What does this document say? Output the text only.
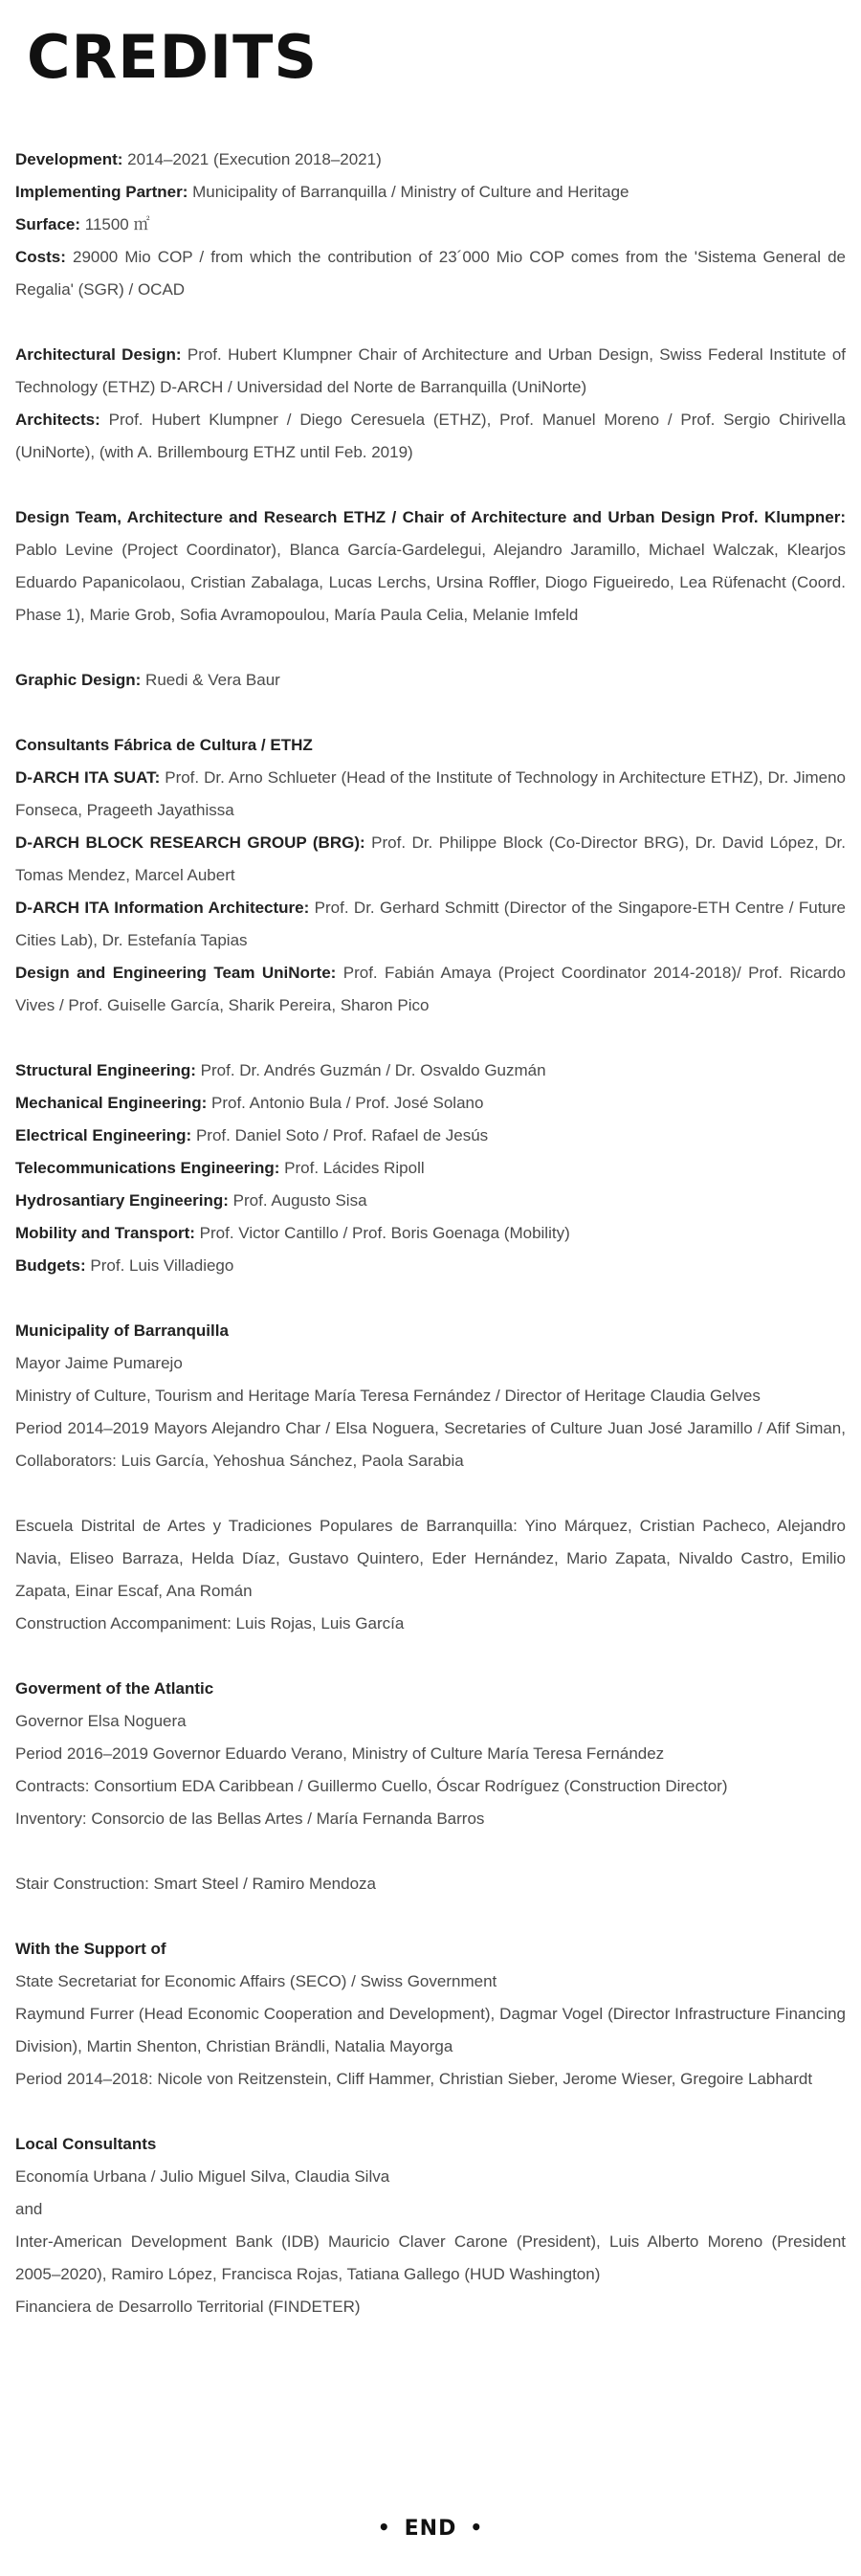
CREDITS

Development: 2014–2021 (Execution 2018–2021)

Implementing Partner: Municipality of Barranquilla / Ministry of Culture and Heritage

Surface: 11500 ㎡

Costs: 29000 Mio COP / from which the contribution of 23´000 Mio COP comes from the 'Sistema General de Regalia' (SGR) / OCAD

Architectural Design: Prof. Hubert Klumpner Chair of Architecture and Urban Design, Swiss Federal Institute of Technology (ETHZ) D-ARCH / Universidad del Norte de Barranquilla (UniNorte)

Architects: Prof. Hubert Klumpner / Diego Ceresuela (ETHZ), Prof. Manuel Moreno / Prof. Sergio Chirivella (UniNorte), (with A. Brillembourg ETHZ until Feb. 2019)

Design Team, Architecture and Research ETHZ / Chair of Architecture and Urban Design Prof. Klumpner: Pablo Levine (Project Coordinator), Blanca García-Gardelegui, Alejandro Jaramillo, Michael Walczak, Klearjos Eduardo Papanicolaou, Cristian Zabalaga, Lucas Lerchs, Ursina Roffler, Diogo Figueiredo, Lea Rüfenacht (Coord. Phase 1), Marie Grob, Sofia Avramopoulou, María Paula Celia, Melanie Imfeld

Graphic Design: Ruedi & Vera Baur

Consultants Fábrica de Cultura / ETHZ

D-ARCH ITA SUAT: Prof. Dr. Arno Schlueter (Head of the Institute of Technology in Architecture ETHZ), Dr. Jimeno Fonseca, Prageeth Jayathissa

D-ARCH BLOCK RESEARCH GROUP (BRG): Prof. Dr. Philippe Block (Co-Director BRG), Dr. David López, Dr. Tomas Mendez, Marcel Aubert

D-ARCH ITA Information Architecture: Prof. Dr. Gerhard Schmitt (Director of the Singapore-ETH Centre / Future Cities Lab), Dr. Estefanía Tapias

Design and Engineering Team UniNorte: Prof. Fabián Amaya (Project Coordinator 2014-2018)/ Prof. Ricardo Vives / Prof. Guiselle García, Sharik Pereira, Sharon Pico

Structural Engineering: Prof. Dr. Andrés Guzmán / Dr. Osvaldo Guzmán

Mechanical Engineering: Prof. Antonio Bula / Prof. José Solano

Electrical Engineering: Prof. Daniel Soto / Prof. Rafael de Jesús

Telecommunications Engineering: Prof. Lácides Ripoll

Hydrosantiary Engineering: Prof. Augusto Sisa

Mobility and Transport: Prof. Victor Cantillo / Prof. Boris Goenaga (Mobility)

Budgets: Prof. Luis Villadiego

Municipality of Barranquilla

Mayor Jaime Pumarejo

Ministry of Culture, Tourism and Heritage María Teresa Fernández / Director of Heritage Claudia Gelves

Period 2014–2019 Mayors Alejandro Char / Elsa Noguera, Secretaries of Culture Juan José Jaramillo / Afif Siman, Collaborators: Luis García, Yehoshua Sánchez, Paola Sarabia

Escuela Distrital de Artes y Tradiciones Populares de Barranquilla: Yino Márquez, Cristian Pacheco, Alejandro Navia, Eliseo Barraza, Helda Díaz, Gustavo Quintero, Eder Hernández, Mario Zapata, Nivaldo Castro, Emilio Zapata, Einar Escaf, Ana Román

Construction Accompaniment: Luis Rojas, Luis García

Goverment of the Atlantic

Governor Elsa Noguera

Period 2016–2019 Governor Eduardo Verano, Ministry of Culture María Teresa Fernández

Contracts: Consortium EDA Caribbean / Guillermo Cuello, Óscar Rodríguez (Construction Director)

Inventory: Consorcio de las Bellas Artes / María Fernanda Barros

Stair Construction: Smart Steel / Ramiro Mendoza

With the Support of

State Secretariat for Economic Affairs (SECO) / Swiss Government

Raymund Furrer (Head Economic Cooperation and Development), Dagmar Vogel (Director Infrastructure Financing Division), Martin Shenton, Christian Brändli, Natalia Mayorga

Period 2014–2018: Nicole von Reitzenstein, Cliff Hammer, Christian Sieber, Jerome Wieser, Gregoire Labhardt

Local Consultants

Economía Urbana / Julio Miguel Silva, Claudia Silva

and

Inter-American Development Bank (IDB) Mauricio Claver Carone (President), Luis Alberto Moreno (President 2005–2020), Ramiro López, Francisca Rojas, Tatiana Gallego (HUD Washington)

Financiera de Desarrollo Territorial (FINDETER)

• END •
